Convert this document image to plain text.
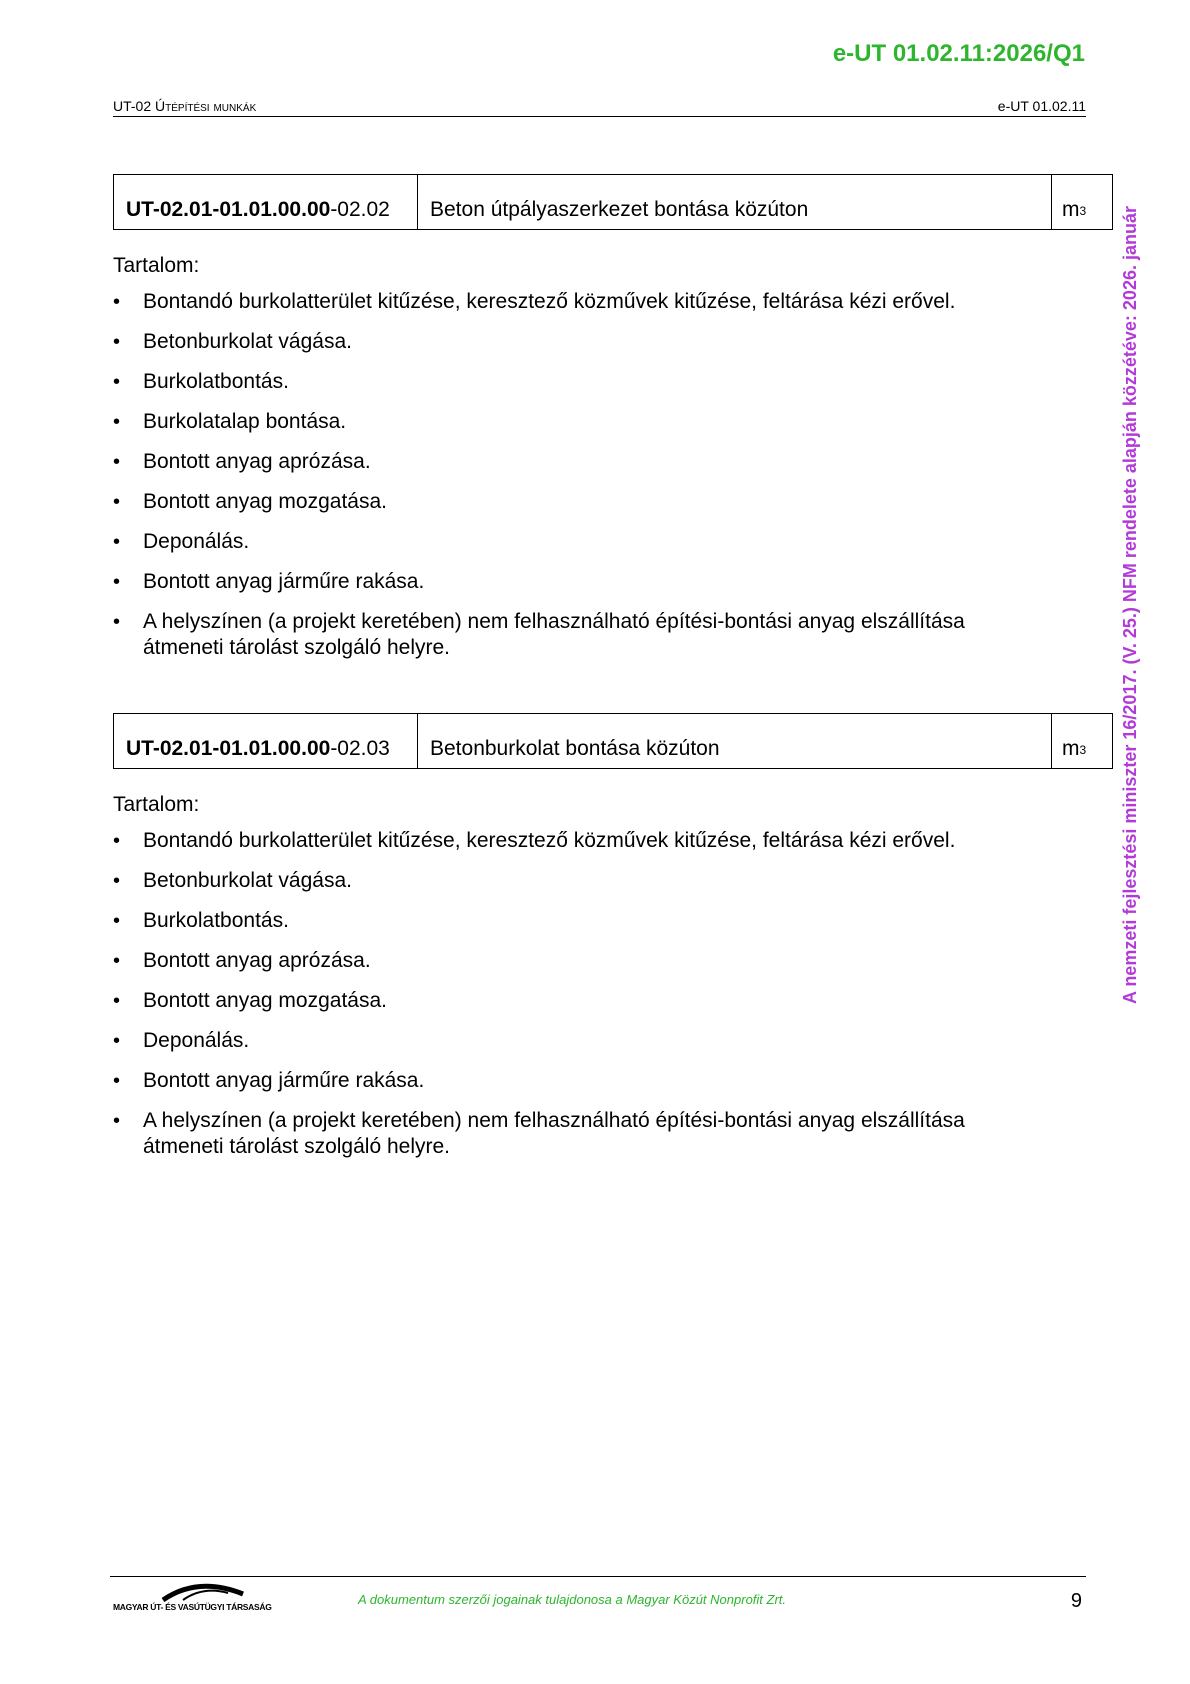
e-UT 01.02.11:2026/Q1
UT-02 Útépítési munkák	e-UT 01.02.11
A nemzeti fejlesztési miniszter 16/2017. (V. 25.) NFM rendelete alapján közzétéve: 2026. január
UT-02.01-01.01.00.00 -02.02	Beton útpályaszerkezet bontása közúton	$m^3$
Tartalom:
• Bontandó burkolatterület kitűzése, keresztező közművek kitűzése, feltárása kézi erővel.
• Betonburkolat vágása.
• Burkolatbontás.
• Burkolatalap bontása.
• Bontott anyag aprózása.
• Bontott anyag mozgatása.
• Deponálás.
• Bontott anyag járműre rakása.
• A helyszínen (a projekt keretében) nem felhasználható építési-bontási anyag elszállítása átmeneti tárolást szolgáló helyre.
UT-02.01-01.01.00.00 -02.03	Betonburkolat bontása közúton	$m^3$
Tartalom:
• Bontandó burkolatterület kitűzése, keresztező közművek kitűzése, feltárása kézi erővel.
• Betonburkolat vágása.
• Burkolatbontás.
• Bontott anyag aprózása.
• Bontott anyag mozgatása.
• Deponálás.
• Bontott anyag járműre rakása.
• A helyszínen (a projekt keretében) nem felhasználható építési-bontási anyag elszállítása átmeneti tárolást szolgáló helyre.
MAGYAR ÚT- ÉS VASÚTÜGYI TÁRSASÁG	A dokumentum szerzői jogainak tulajdonosa a Magyar Közút Nonprofit Zrt.	9
